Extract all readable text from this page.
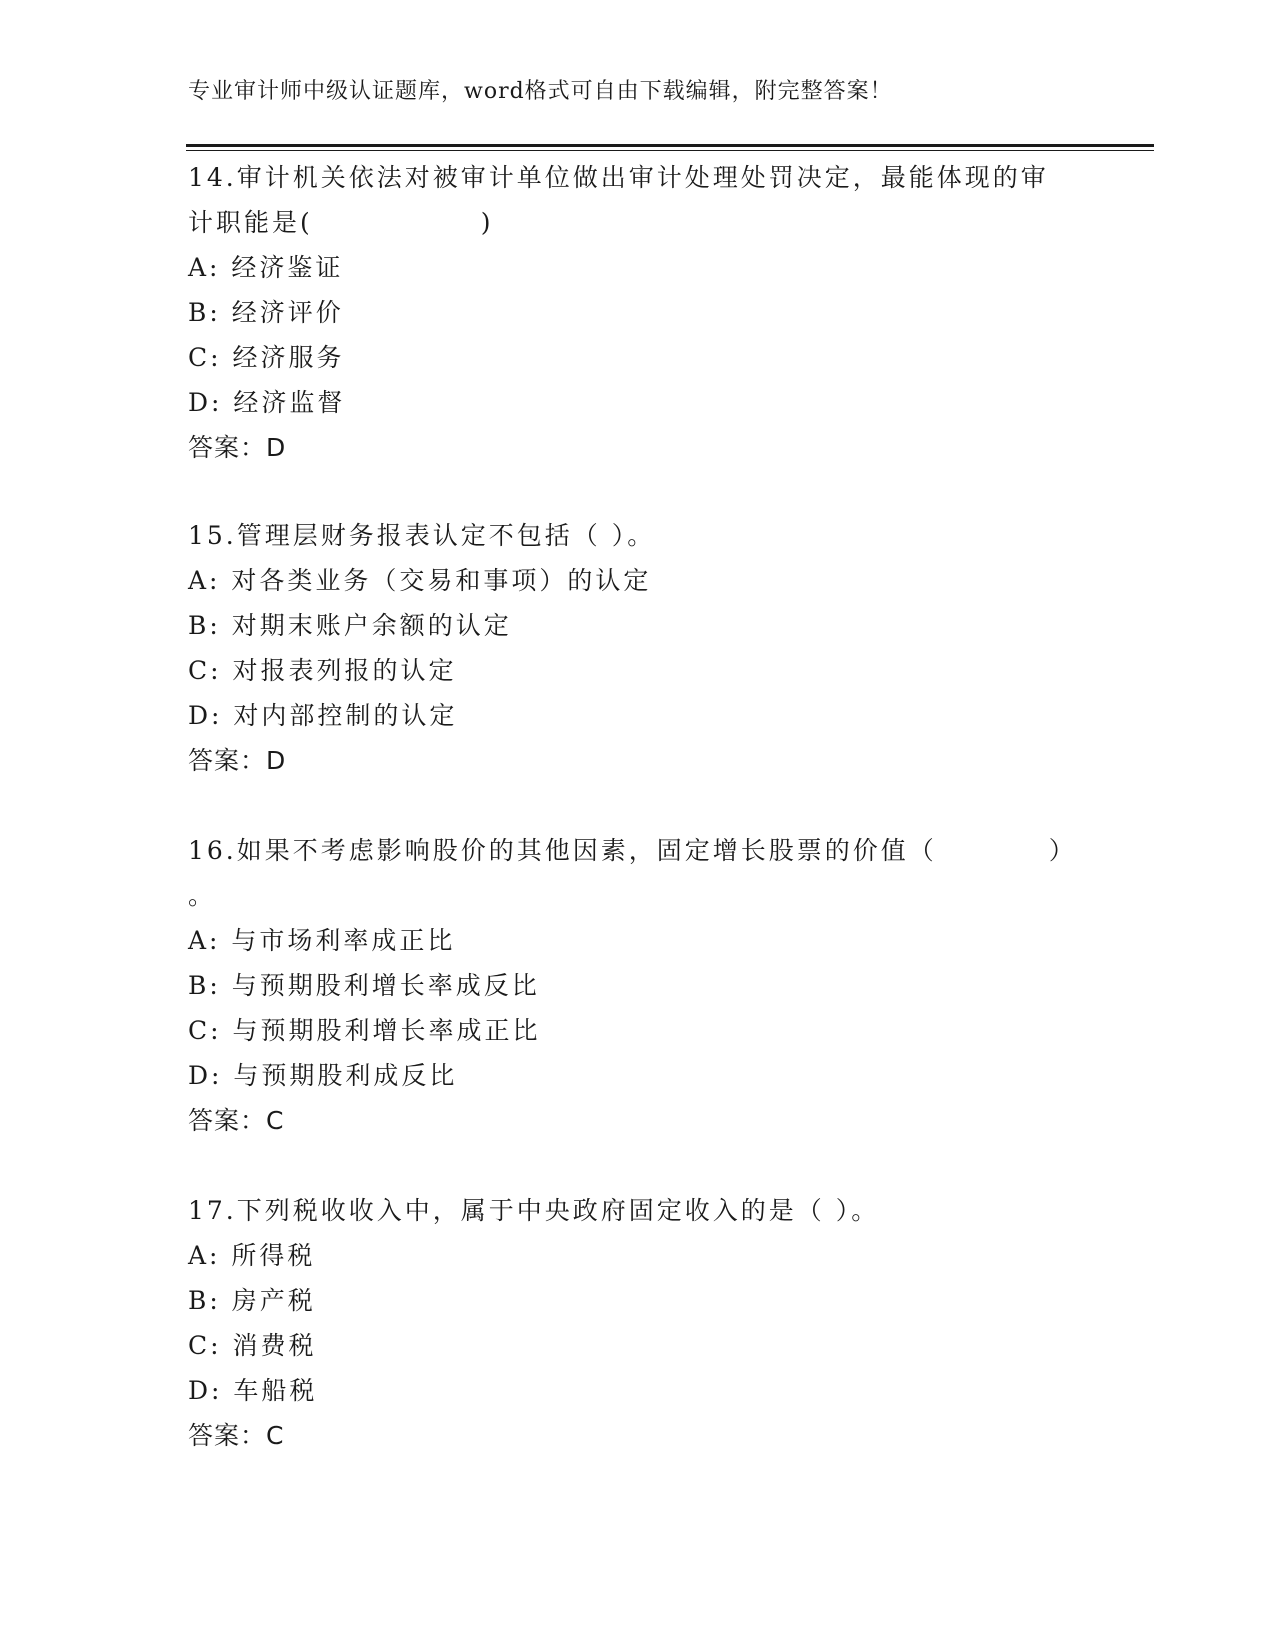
专业审计师中级认证题库，word格式可自由下载编辑，附完整答案！
14.审计机关依法对被审计单位做出审计处理处罚决定，最能体现的审
计职能是(　　　　　　)
A: 经济鉴证
B: 经济评价
C: 经济服务
D: 经济监督
答案：D
15.管理层财务报表认定不包括（ ）。
A: 对各类业务（交易和事项）的认定
B: 对期末账户余额的认定
C: 对报表列报的认定
D: 对内部控制的认定
答案：D
16.如果不考虑影响股价的其他因素，固定增长股票的价值（　　　　）
。
A: 与市场利率成正比
B: 与预期股利增长率成反比
C: 与预期股利增长率成正比
D: 与预期股利成反比
答案：C
17.下列税收收入中，属于中央政府固定收入的是（ ）。
A: 所得税
B: 房产税
C: 消费税
D: 车船税
答案：C
